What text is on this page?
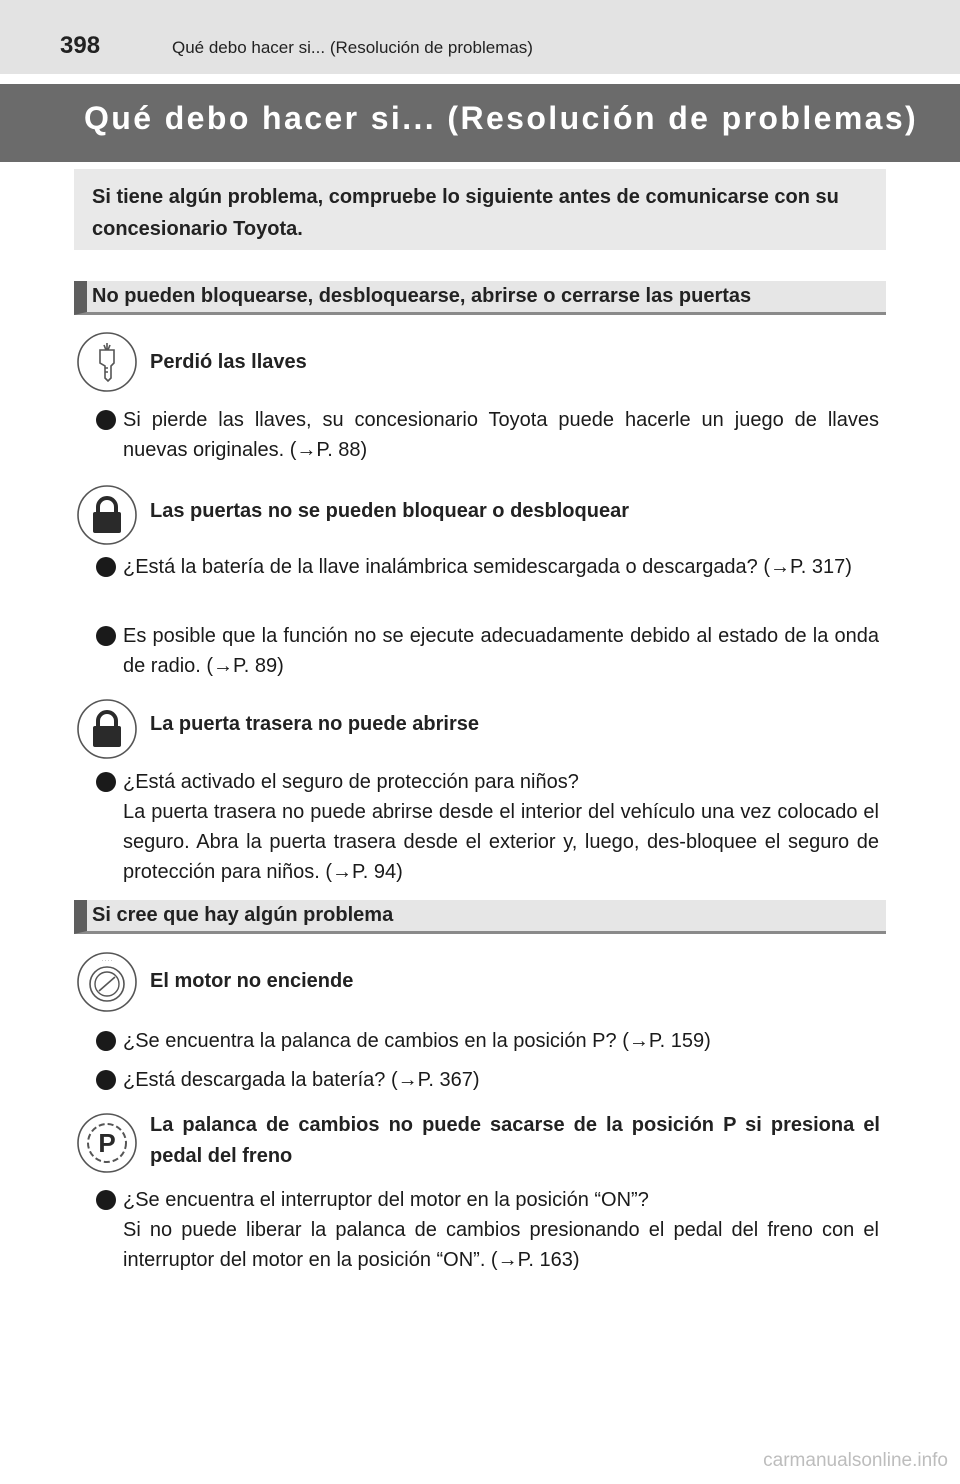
398	Qué debo hacer si... (Resolución de problemas)
Qué debo hacer si... (Resolución de problemas)
Si tiene algún problema, compruebe lo siguiente antes de comunicarse con su concesionario Toyota.
No pueden bloquearse, desbloquearse, abrirse o cerrarse las puertas
Perdió las llaves
Si pierde las llaves, su concesionario Toyota puede hacerle un juego de llaves nuevas originales. (→P. 88)
Las puertas no se pueden bloquear o desbloquear
¿Está la batería de la llave inalámbrica semidescargada o descargada? (→P. 317)
Es posible que la función no se ejecute adecuadamente debido al estado de la onda de radio. (→P. 89)
La puerta trasera no puede abrirse
¿Está activado el seguro de protección para niños?
La puerta trasera no puede abrirse desde el interior del vehículo una vez colocado el seguro. Abra la puerta trasera desde el exterior y, luego, des-bloquee el seguro de protección para niños. (→P. 94)
Si cree que hay algún problema
· · · ·
El motor no enciende
¿Se encuentra la palanca de cambios en la posición P? (→P. 159)
¿Está descargada la batería? (→P. 367)
P
La palanca de cambios no puede sacarse de la posición P si presiona el pedal del freno
¿Se encuentra el interruptor del motor en la posición “ON”?
Si no puede liberar la palanca de cambios presionando el pedal del freno con el interruptor del motor en la posición “ON”. (→P. 163)
carmanualsonline.info
